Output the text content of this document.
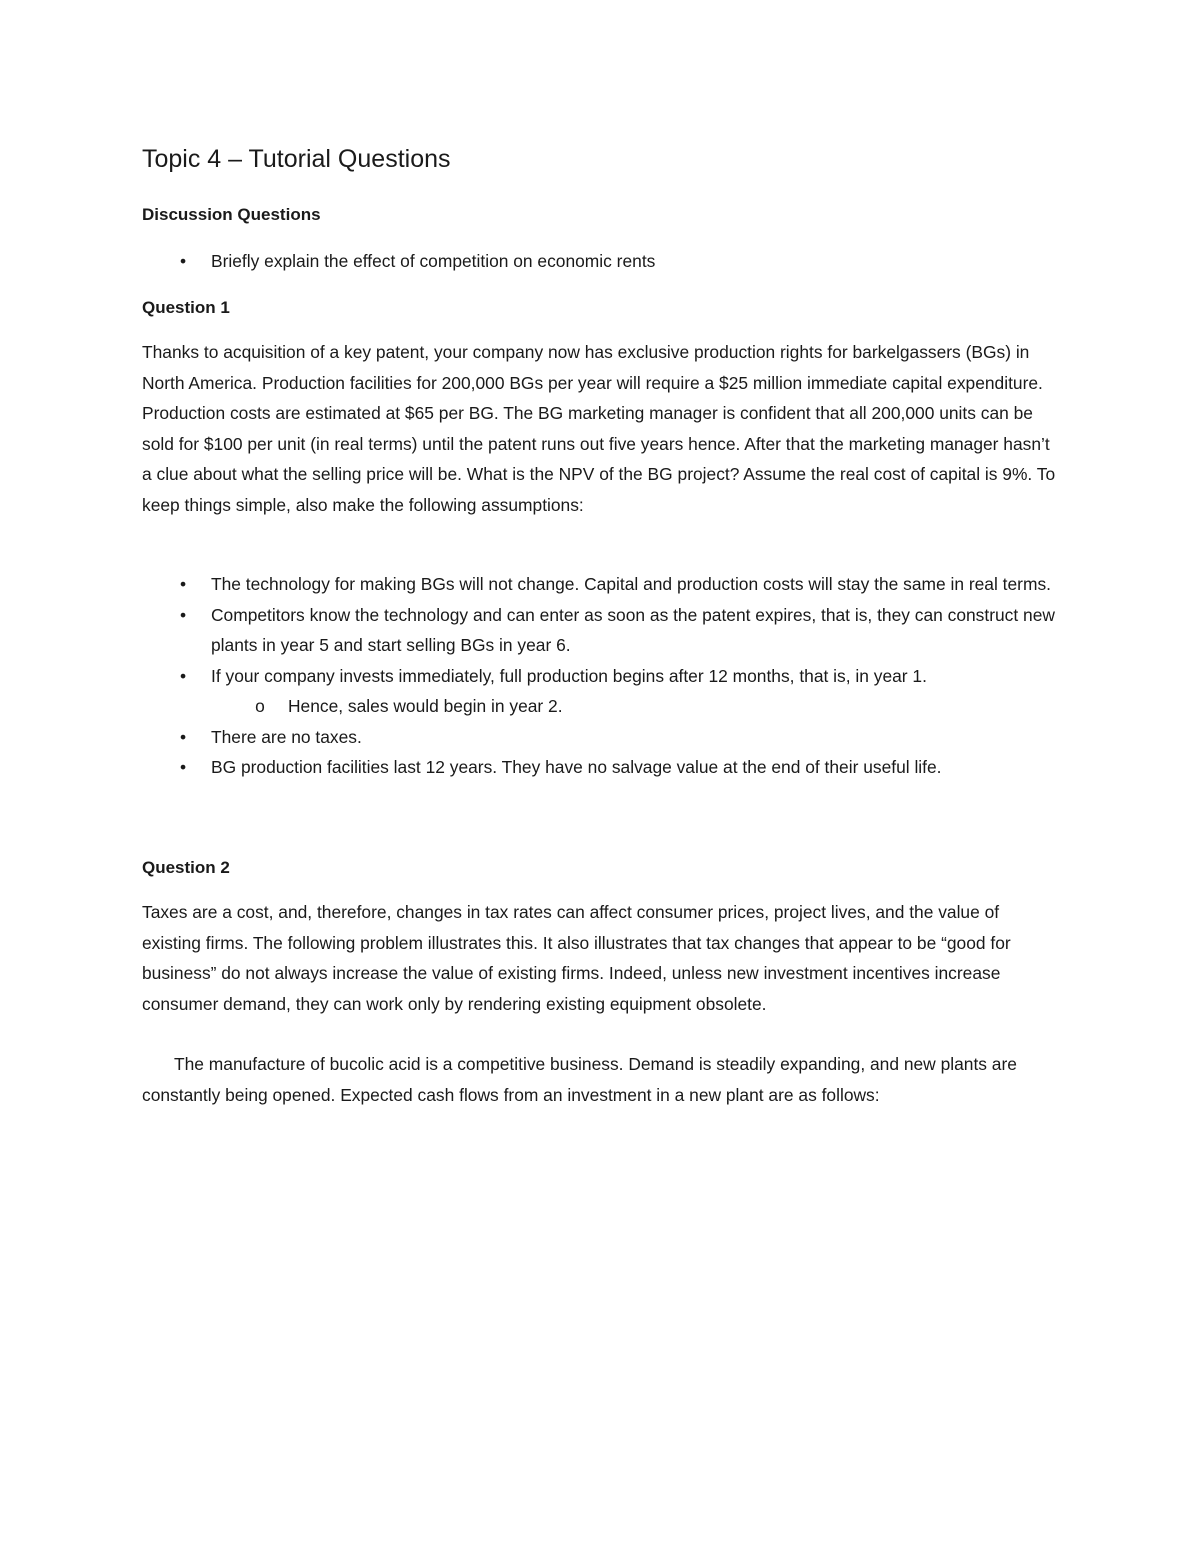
Topic 4 – Tutorial Questions
Discussion Questions
•	Briefly explain the effect of competition on economic rents
Question 1
Thanks to acquisition of a key patent, your company now has exclusive production rights for barkelgassers (BGs) in North America. Production facilities for 200,000 BGs per year will require a $25 million immediate capital expenditure. Production costs are estimated at $65 per BG. The BG marketing manager is confident that all 200,000 units can be sold for $100 per unit (in real terms) until the patent runs out five years hence. After that the marketing manager hasn’t a clue about what the selling price will be. What is the NPV of the BG project? Assume the real cost of capital is 9%. To keep things simple, also make the following assumptions:
•	The technology for making BGs will not change. Capital and production costs will stay the same in real terms.
•	Competitors know the technology and can enter as soon as the patent expires, that is, they can construct new plants in year 5 and start selling BGs in year 6.
•	If your company invests immediately, full production begins after 12 months, that is, in year 1.
o Hence, sales would begin in year 2.
•	There are no taxes.
•	BG production facilities last 12 years. They have no salvage value at the end of their useful life.
Question 2
Taxes are a cost, and, therefore, changes in tax rates can affect consumer prices, project lives, and the value of existing firms. The following problem illustrates this. It also illustrates that tax changes that appear to be “good for business” do not always increase the value of existing firms. Indeed, unless new investment incentives increase consumer demand, they can work only by rendering existing equipment obsolete.
The manufacture of bucolic acid is a competitive business. Demand is steadily expanding, and new plants are constantly being opened. Expected cash flows from an investment in a new plant are as follows:
